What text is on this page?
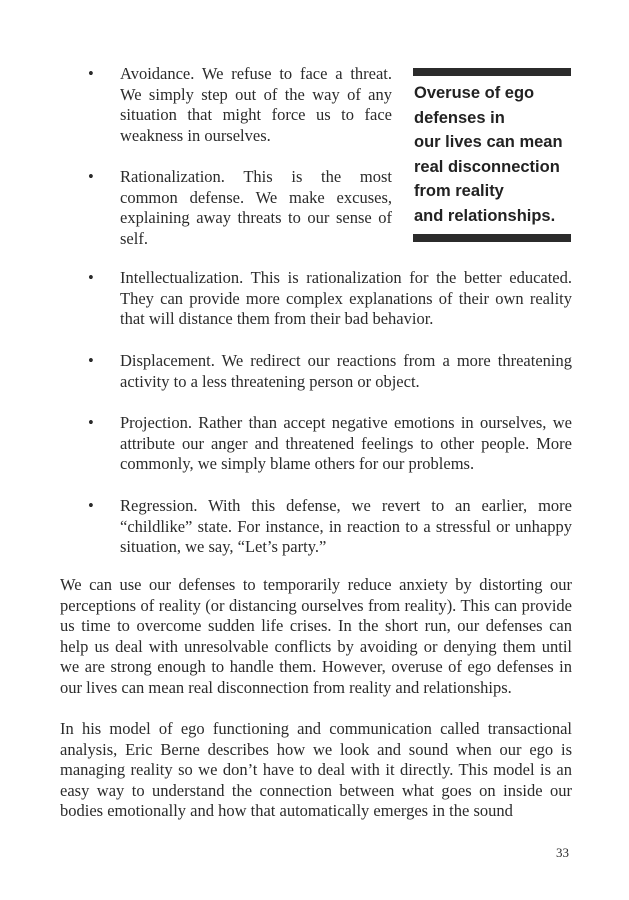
•	Avoidance. We refuse to face a threat. We simply step out of the way of any situation that might force us to face weakness in ourselves.
•	Rationalization. This is the most common defense. We make excuses, explaining away threats to our sense of self.
•	Intellectualization. This is rationalization for the better educated. They can provide more complex explanations of their own reality that will distance them from their bad behavior.
•	Displacement. We redirect our reactions from a more threatening activity to a less threatening person or object.
•	Projection. Rather than accept negative emotions in ourselves, we attribute our anger and threatened feelings to other people. More commonly, we simply blame others for our problems.
•	Regression. With this defense, we revert to an earlier, more “childlike” state. For instance, in reaction to a stressful or unhappy situation, we say, “Let’s party.”
Overuse of ego
defenses in
our lives can mean
real disconnection
from reality
and relationships.
We can use our defenses to temporarily reduce anxiety by distorting our perceptions of reality (or distancing ourselves from reality). This can provide us time to overcome sudden life crises. In the short run, our defenses can help us deal with unresolvable conflicts by avoiding or denying them until we are strong enough to handle them. However, overuse of ego defenses in our lives can mean real disconnection from reality and relationships.
In his model of ego functioning and communication called transactional analysis, Eric Berne describes how we look and sound when our ego is managing reality so we don’t have to deal with it directly. This model is an easy way to understand the connection between what goes on inside our bodies emotionally and how that automatically emerges in the sound
33
